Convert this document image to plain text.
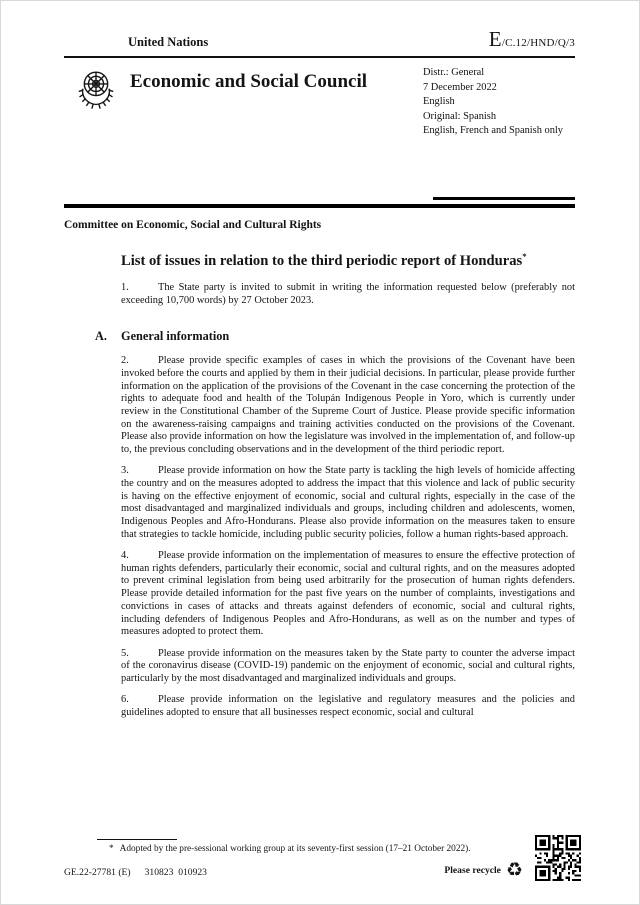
United Nations	E/C.12/HND/Q/3
Economic and Social Council	Distr.: General
7 December 2022
English
Original: Spanish
English, French and Spanish only
Committee on Economic, Social and Cultural Rights
List of issues in relation to the third periodic report of Honduras*

1.	The State party is invited to submit in writing the information requested below (preferably not exceeding 10,700 words) by 27 October 2023.

A.	General information

2.	Please provide specific examples of cases in which the provisions of the Covenant have been invoked before the courts and applied by them in their judicial decisions. In particular, please provide further information on the application of the provisions of the Covenant in the case concerning the protection of the rights to adequate food and health of the Tolupán Indigenous People in Yoro, which is currently under review in the Constitutional Chamber of the Supreme Court of Justice. Please provide specific information on the awareness-raising campaigns and training activities conducted on the provisions of the Covenant. Please also provide information on how the legislature was involved in the implementation of, and follow-up to, the previous concluding observations and in the development of the third periodic report.

3.	Please provide information on how the State party is tackling the high levels of homicide affecting the country and on the measures adopted to address the impact that this violence and lack of public security is having on the effective enjoyment of economic, social and cultural rights, especially in the case of the most disadvantaged and marginalized individuals and groups, including children and adolescents, women, Indigenous Peoples and Afro-Hondurans. Please also provide information on the measures taken to ensure that strategies to tackle homicide, including public security policies, follow a human rights-based approach.

4.	Please provide information on the implementation of measures to ensure the effective protection of human rights defenders, particularly their economic, social and cultural rights, and on the measures adopted to prevent criminal legislation from being used arbitrarily for the prosecution of human rights defenders. Please provide detailed information for the past five years on the number of complaints, investigations and convictions in cases of attacks and threats against defenders of economic, social and cultural rights, including defenders of Indigenous Peoples and Afro-Hondurans, as well as on the number and types of measures adopted to protect them.

5.	Please provide information on the measures taken by the State party to counter the adverse impact of the coronavirus disease (COVID-19) pandemic on the enjoyment of economic, social and cultural rights, particularly by the most disadvantaged and marginalized individuals and groups.

6.	Please provide information on the legislative and regulatory measures and the policies and guidelines adopted to ensure that all businesses respect economic, social and cultural

* Adopted by the pre-sessional working group at its seventy-first session (17–21 October 2022).
GE.22-27781 (E) 310823  010923	Please recycle ♻
